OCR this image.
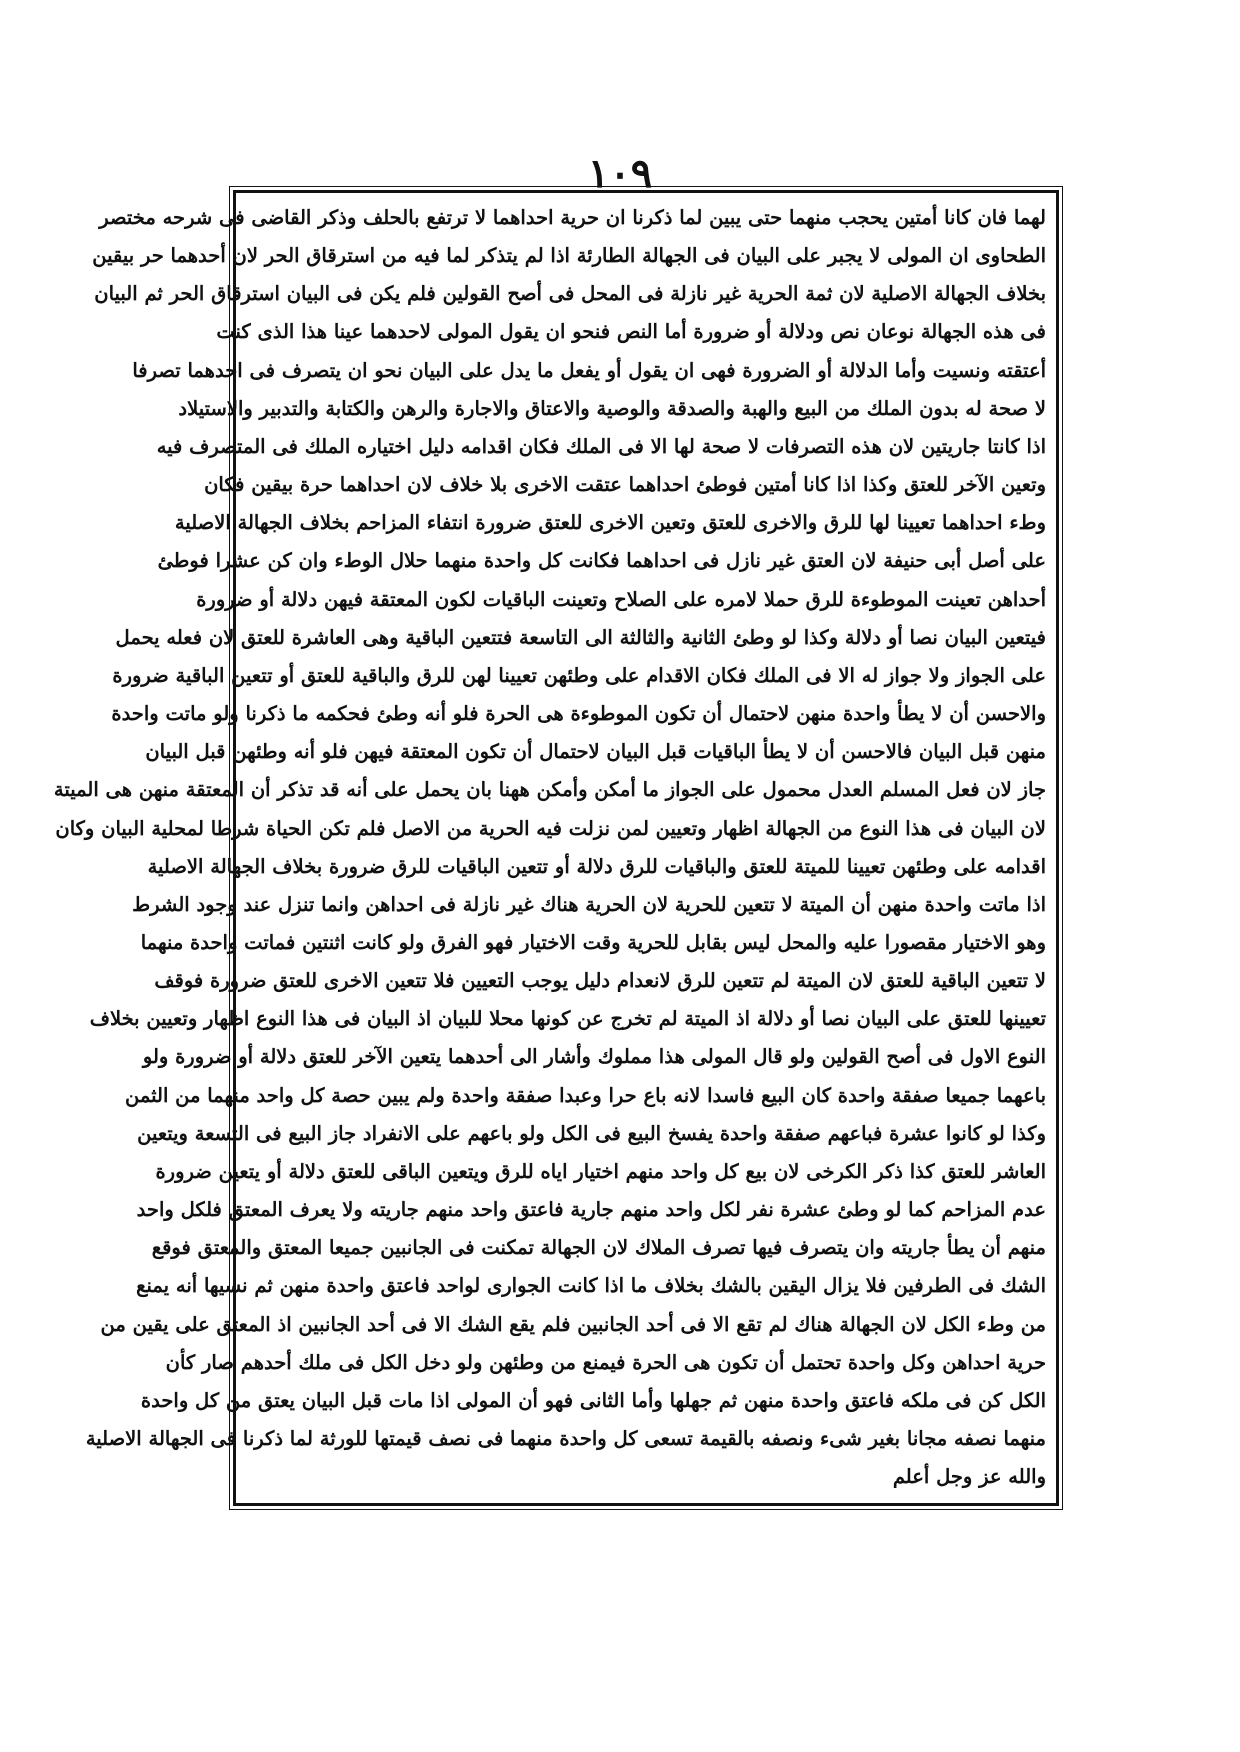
١٠٩
لهما فان كانا أمتين يحجب منهما حتى يبين لما ذكرنا ان حرية احداهما لا ترتفع بالحلف وذكر القاضى فى شرحه مختصر
الطحاوى ان المولى لا يجبر على البيان فى الجهالة الطارئة اذا لم يتذكر لما فيه من استرقاق الحر لان أحدهما حر بيقين
بخلاف الجهالة الاصلية لان ثمة الحرية غير نازلة فى المحل فى أصح القولين فلم يكن فى البيان استرقاق الحر ثم البيان
فى هذه الجهالة نوعان نص ودلالة أو ضرورة أما النص فنحو ان يقول المولى لاحدهما عينا هذا الذى كنت
أعتقته ونسيت وأما الدلالة أو الضرورة فهى ان يقول أو يفعل ما يدل على البيان نحو ان يتصرف فى احدهما تصرفا
لا صحة له بدون الملك من البيع والهبة والصدقة والوصية والاعتاق والاجارة والرهن والكتابة والتدبير والاستيلاد
اذا كانتا جاريتين لان هذه التصرفات لا صحة لها الا فى الملك فكان اقدامه دليل اختياره الملك فى المتصرف فيه
وتعين الآخر للعتق وكذا اذا كانا أمتين فوطئ احداهما عتقت الاخرى بلا خلاف لان احداهما حرة بيقين فكان
وطء احداهما تعيينا لها للرق والاخرى للعتق وتعين الاخرى للعتق ضرورة انتفاء المزاحم بخلاف الجهالة الاصلية
على أصل أبى حنيفة لان العتق غير نازل فى احداهما فكانت كل واحدة منهما حلال الوطء وان كن عشرا فوطئ
أحداهن تعينت الموطوءة للرق حملا لامره على الصلاح وتعينت الباقيات لكون المعتقة فيهن دلالة أو ضرورة
فيتعين البيان نصا أو دلالة وكذا لو وطئ الثانية والثالثة الى التاسعة فتتعين الباقية وهى العاشرة للعتق لان فعله يحمل
على الجواز ولا جواز له الا فى الملك فكان الاقدام على وطئهن تعيينا لهن للرق والباقية للعتق أو تتعين الباقية ضرورة
والاحسن أن لا يطأ واحدة منهن لاحتمال أن تكون الموطوءة هى الحرة فلو أنه وطئ فحكمه ما ذكرنا ولو ماتت واحدة
منهن قبل البيان فالاحسن أن لا يطأ الباقيات قبل البيان لاحتمال أن تكون المعتقة فيهن فلو أنه وطئهن قبل البيان
جاز لان فعل المسلم العدل محمول على الجواز ما أمكن وأمكن ههنا بان يحمل على أنه قد تذكر أن المعتقة منهن هى الميتة
لان البيان فى هذا النوع من الجهالة اظهار وتعيين لمن نزلت فيه الحرية من الاصل فلم تكن الحياة شرطا لمحلية البيان وكان
اقدامه على وطئهن تعيينا للميتة للعتق والباقيات للرق دلالة أو تتعين الباقيات للرق ضرورة بخلاف الجهالة الاصلية
اذا ماتت واحدة منهن أن الميتة لا تتعين للحرية لان الحرية هناك غير نازلة فى احداهن وانما تنزل عند وجود الشرط
وهو الاختيار مقصورا عليه والمحل ليس بقابل للحرية وقت الاختيار فهو الفرق ولو كانت اثنتين فماتت واحدة منهما
لا تتعين الباقية للعتق لان الميتة لم تتعين للرق لانعدام دليل يوجب التعيين فلا تتعين الاخرى للعتق ضرورة فوقف
تعيينها للعتق على البيان نصا أو دلالة اذ الميتة لم تخرج عن كونها محلا للبيان اذ البيان فى هذا النوع اظهار وتعيين بخلاف
النوع الاول فى أصح القولين ولو قال المولى هذا مملوك وأشار الى أحدهما يتعين الآخر للعتق دلالة أو ضرورة ولو
باعهما جميعا صفقة واحدة كان البيع فاسدا لانه باع حرا وعبدا صفقة واحدة ولم يبين حصة كل واحد منهما من الثمن
وكذا لو كانوا عشرة فباعهم صفقة واحدة يفسخ البيع فى الكل ولو باعهم على الانفراد جاز البيع فى التسعة ويتعين
العاشر للعتق كذا ذكر الكرخى لان بيع كل واحد منهم اختيار اياه للرق ويتعين الباقى للعتق دلالة أو يتعين ضرورة
عدم المزاحم كما لو وطئ عشرة نفر لكل واحد منهم جارية فاعتق واحد منهم جاريته ولا يعرف المعتق فلكل واحد
منهم أن يطأ جاريته وان يتصرف فيها تصرف الملاك لان الجهالة تمكنت فى الجانبين جميعا المعتق والمعتق فوقع
الشك فى الطرفين فلا يزال اليقين بالشك بخلاف ما اذا كانت الجوارى لواحد فاعتق واحدة منهن ثم نسيها أنه يمنع
من وطء الكل لان الجهالة هناك لم تقع الا فى أحد الجانبين فلم يقع الشك الا فى أحد الجانبين اذ المعتق على يقين من
حرية احداهن وكل واحدة تحتمل أن تكون هى الحرة فيمنع من وطئهن ولو دخل الكل فى ملك أحدهم صار كأن
الكل كن فى ملكه فاعتق واحدة منهن ثم جهلها وأما الثانى فهو أن المولى اذا مات قبل البيان يعتق من كل واحدة
منهما نصفه مجانا بغير شىء ونصفه بالقيمة تسعى كل واحدة منهما فى نصف قيمتها للورثة لما ذكرنا فى الجهالة الاصلية
والله عز وجل أعلم
